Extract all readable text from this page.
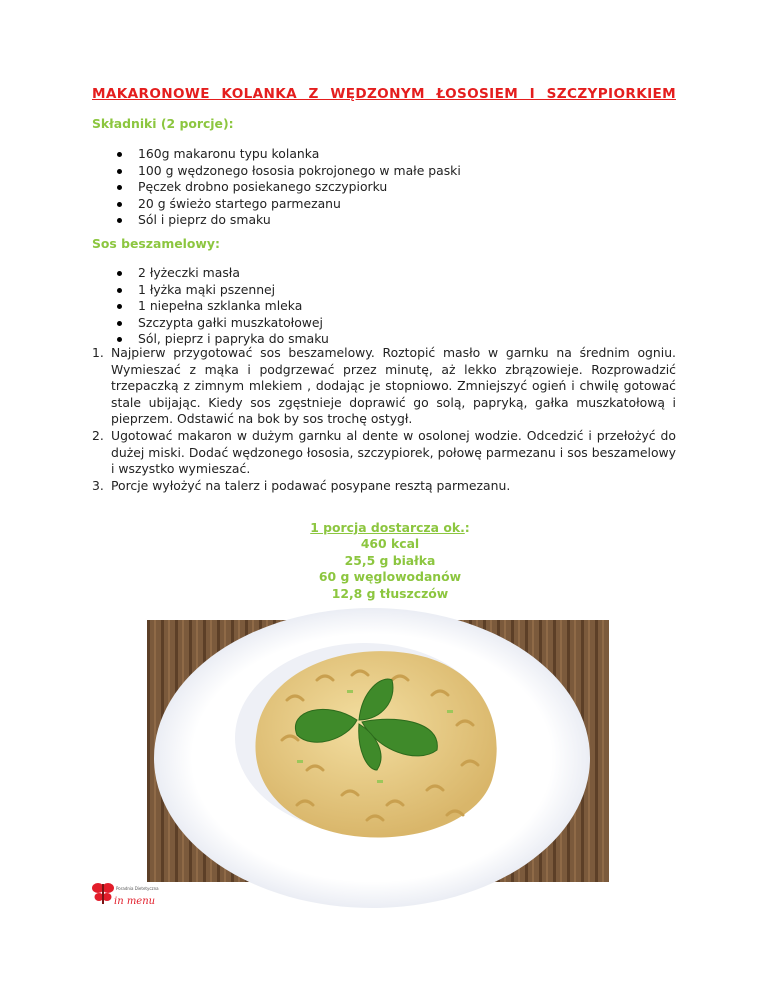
MAKARONOWE KOLANKA Z WĘDZONYM ŁOSOSIEM I SZCZYPIORKIEM
Składniki (2 porcje):
160g makaronu typu kolanka
100 g wędzonego łososia pokrojonego w małe paski
Pęczek drobno posiekanego szczypiorku
20 g świeżo startego parmezanu
Sól i pieprz do smaku
Sos beszamelowy:
2 łyżeczki masła
1 łyżka mąki pszennej
1 niepełna szklanka mleka
Szczypta gałki muszkatołowej
Sól, pieprz i papryka do smaku
1. Najpierw przygotować sos beszamelowy. Roztopić masło w garnku na średnim ogniu. Wymieszać z mąka i podgrzewać przez minutę, aż lekko zbrązowieje. Rozprowadzić trzepaczką z zimnym mlekiem , dodając je stopniowo. Zmniejszyć ogień i chwilę gotować stale ubijając. Kiedy sos zgęstnieje doprawić go solą, papryką, gałka muszkatołową i pieprzem. Odstawić na bok by sos trochę ostygł.
2. Ugotować makaron w dużym garnku al dente w osolonej wodzie. Odcedzić i przełożyć do dużej miski. Dodać wędzonego łososia, szczypiorek, połowę parmezanu i sos beszamelowy i wszystko wymieszać.
3. Porcje wyłożyć na talerz i podawać posypane resztą parmezanu.
1 porcja dostarcza ok.:
460 kcal
25,5 g białka
60 g węglowodanów
12,8 g tłuszczów
Poradnia Dietetyczna
in menu
